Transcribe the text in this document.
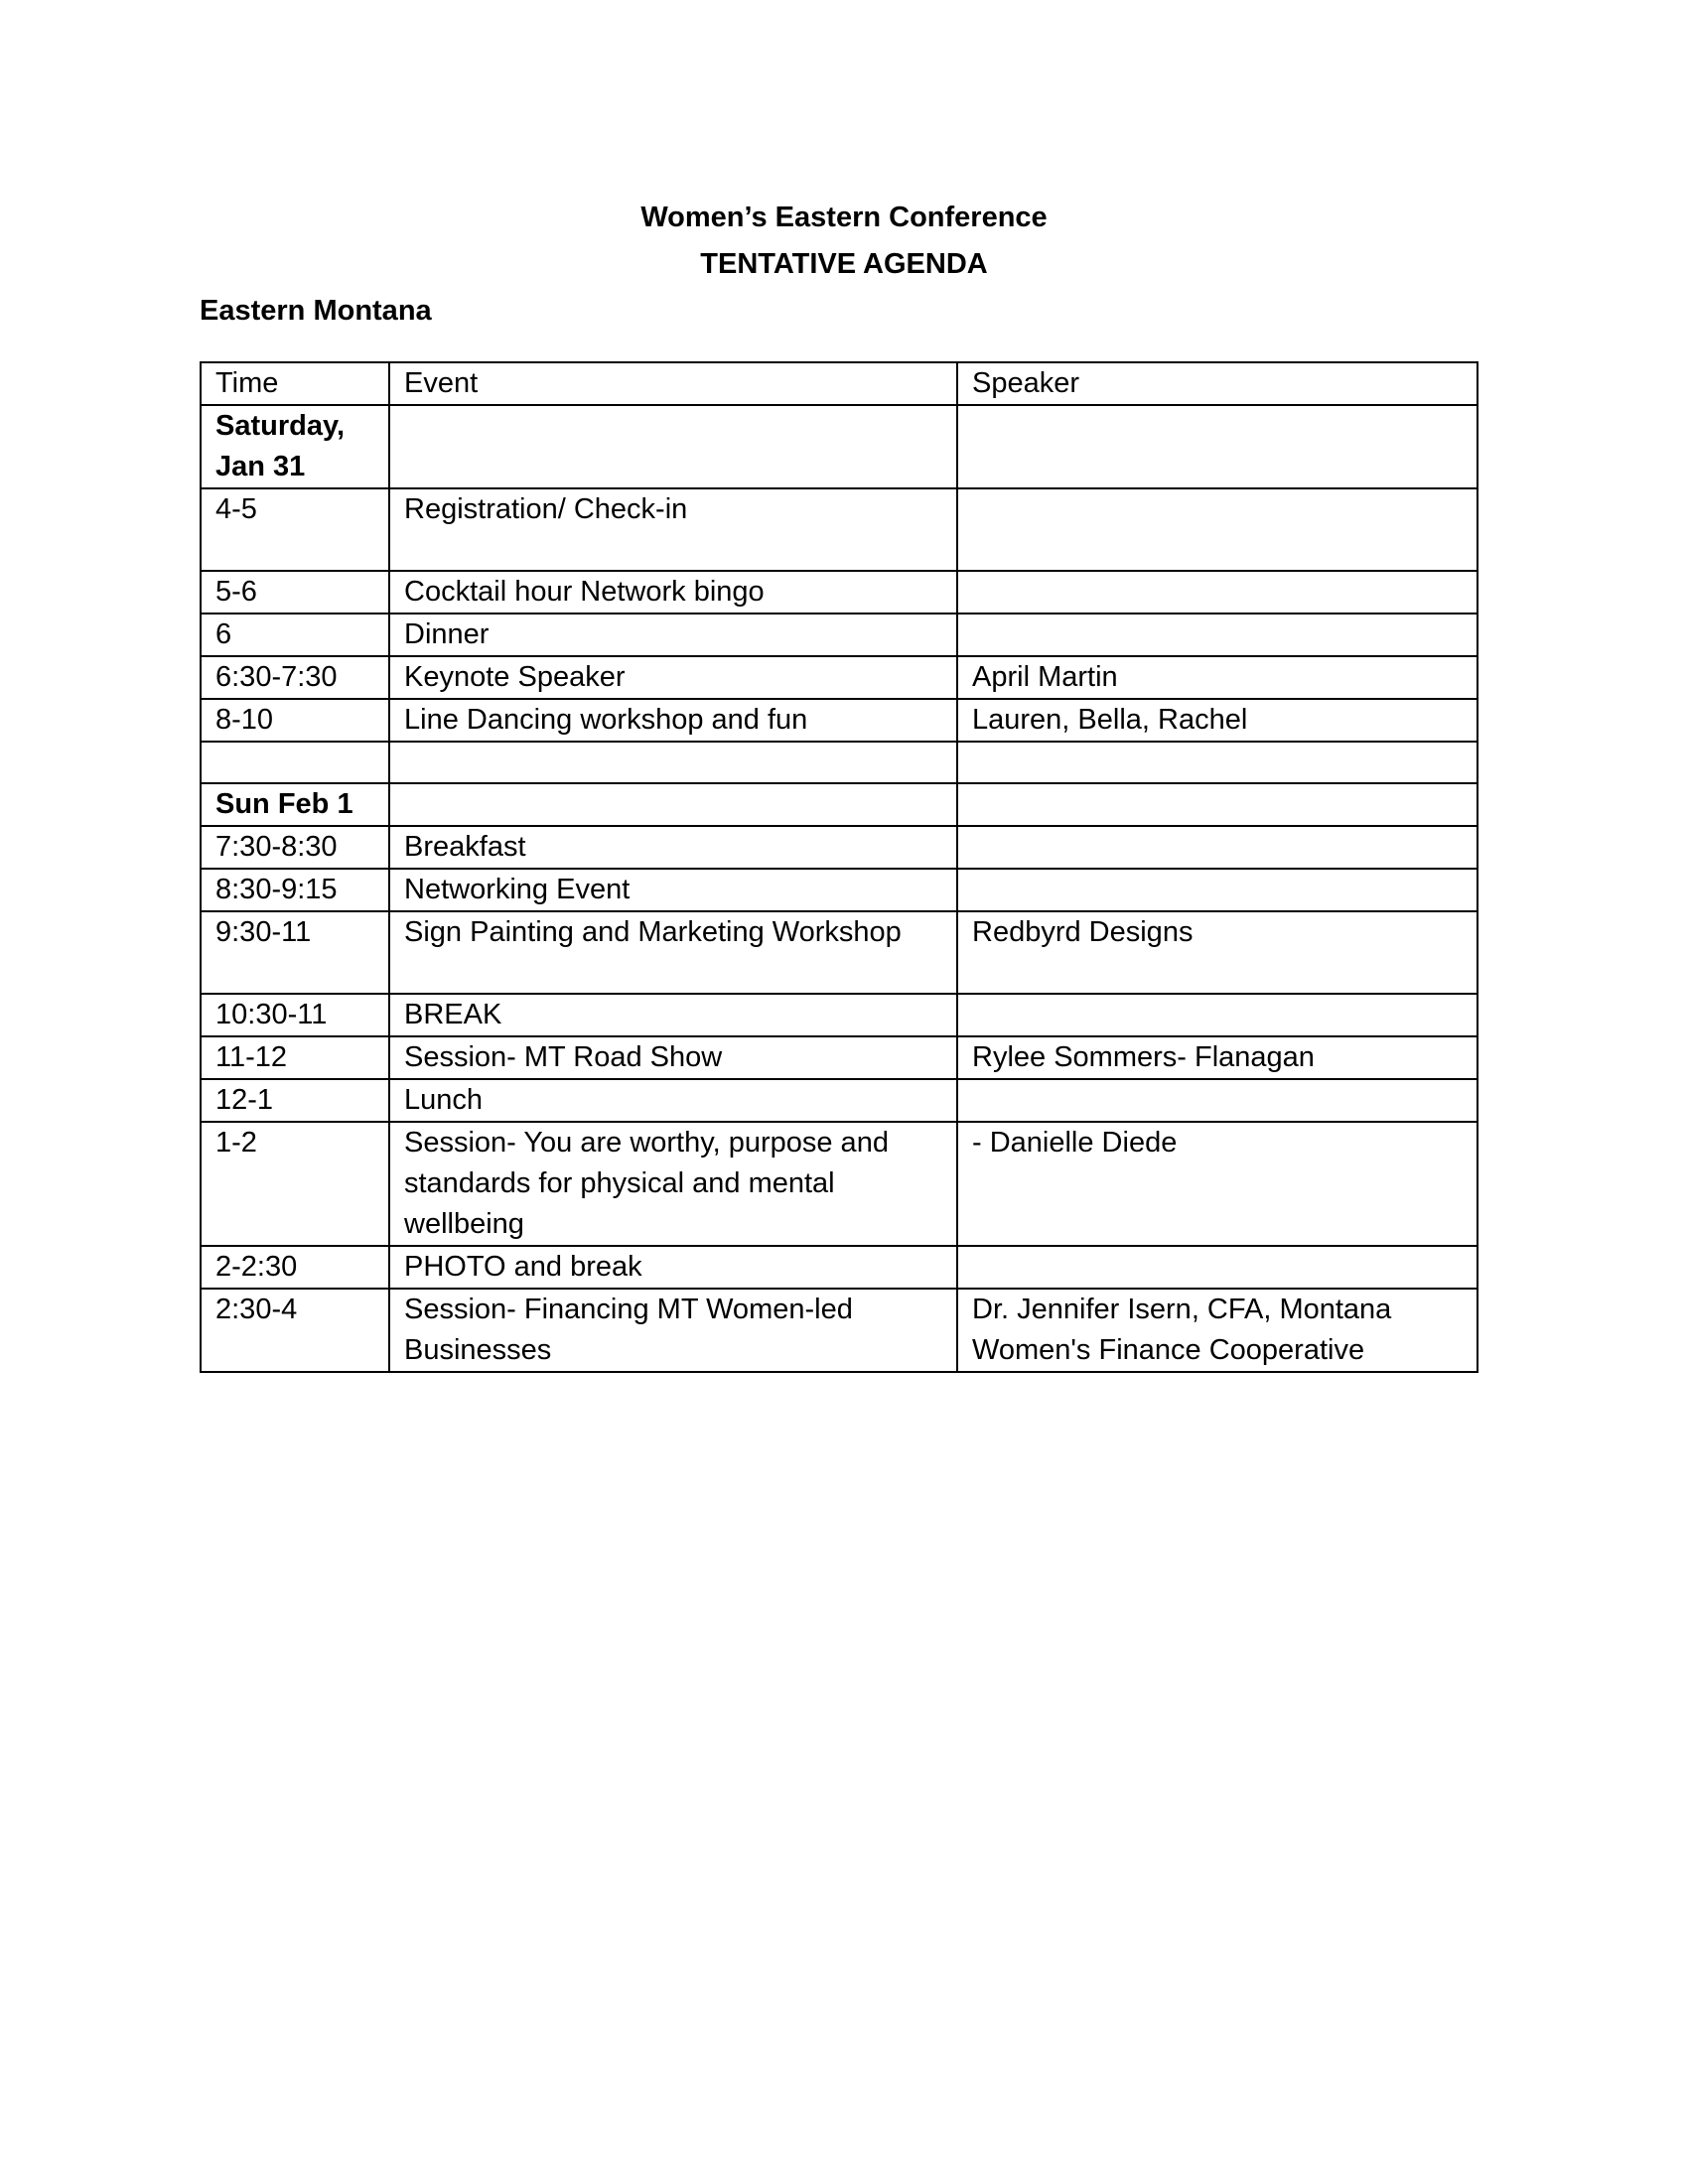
Women’s Eastern Conference
TENTATIVE AGENDA
Eastern Montana
Time	Event	Speaker
Saturday, Jan 31		
4-5	Registration/ Check-in	
5-6	Cocktail hour Network bingo	
6	Dinner	
6:30-7:30	Keynote Speaker	April Martin
8-10	Line Dancing workshop and fun	Lauren, Bella, Rachel

Sun Feb 1		
7:30-8:30	Breakfast	
8:30-9:15	Networking Event	
9:30-11	Sign Painting and Marketing Workshop	Redbyrd Designs
10:30-11	BREAK	
11-12	Session- MT Road Show	Rylee Sommers- Flanagan
12-1	Lunch	
1-2	Session- You are worthy, purpose and standards for physical and mental wellbeing	- Danielle Diede
2-2:30	PHOTO and break	
2:30-4	Session- Financing MT Women-led Businesses	Dr. Jennifer Isern, CFA, Montana Women's Finance Cooperative
